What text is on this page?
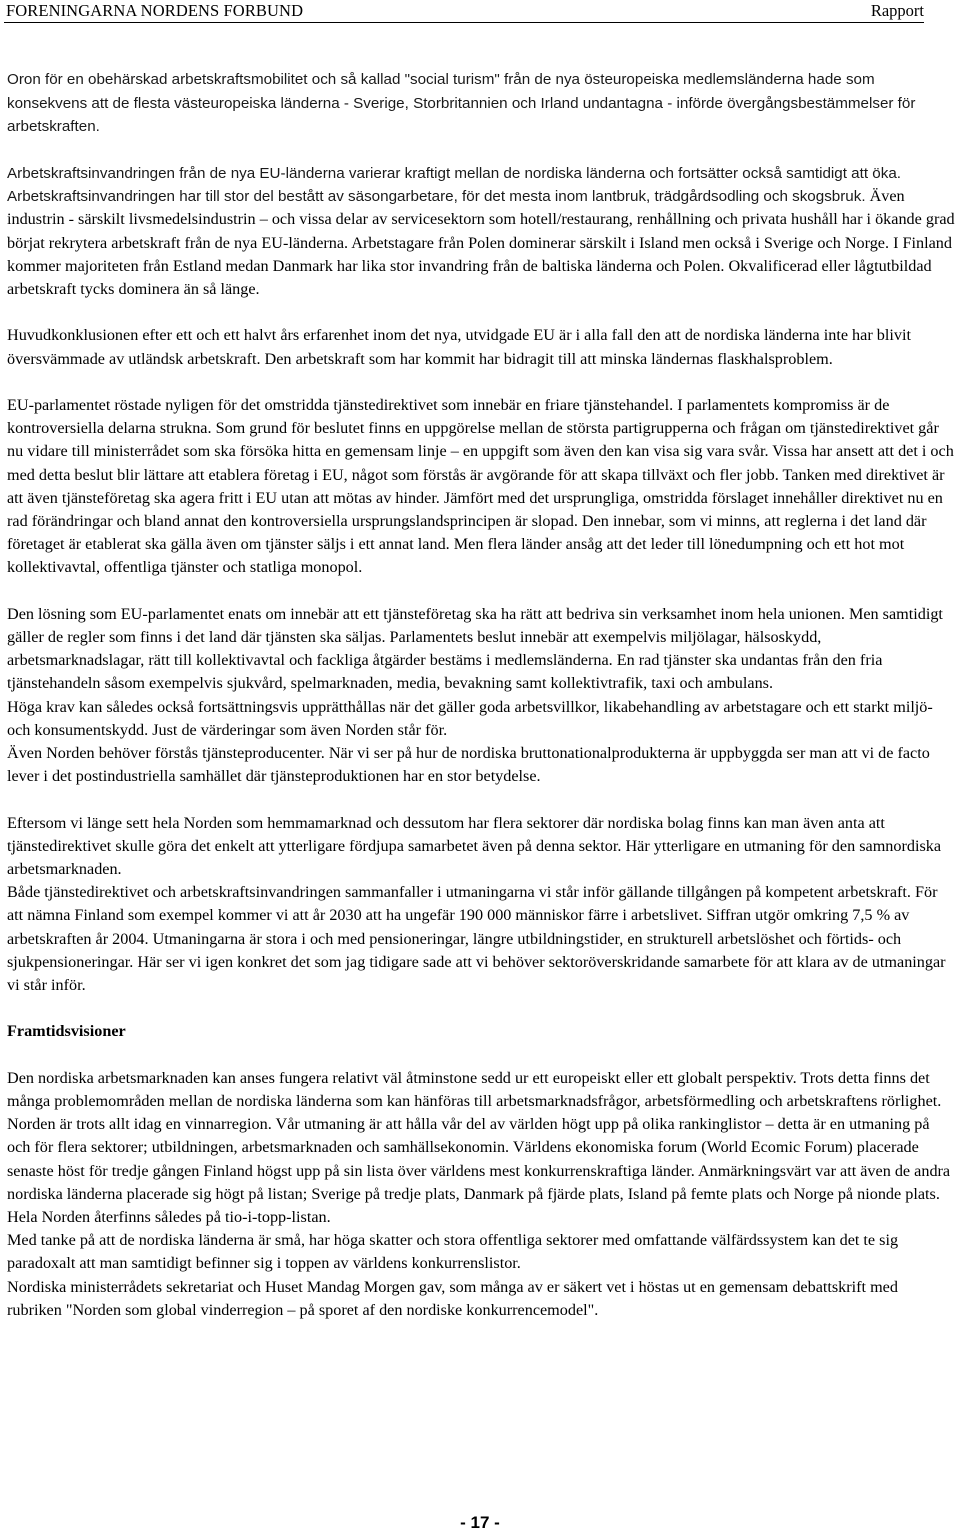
FORENINGARNA NORDENS FORBUND	Rapport

Oron för en obehärskad arbetskraftsmobilitet och så kallad "social turism" från de nya östeuropeiska medlemsländerna hade som konsekvens att de flesta västeuropeiska länderna - Sverige, Storbritannien och Irland undantagna - införde övergångsbestämmelser för arbetskraften.

Arbetskraftsinvandringen från de nya EU-länderna varierar kraftigt mellan de nordiska länderna och fortsätter också samtidigt att öka. Arbetskraftsinvandringen har till stor del bestått av säsongarbetare, för det mesta inom lantbruk, trädgårdsodling och skogsbruk. Även industrin - särskilt livsmedelsindustrin – och vissa delar av servicesektorn som hotell/restaurang, renhållning och privata hushåll har i ökande grad börjat rekrytera arbetskraft från de nya EU-länderna. Arbetstagare från Polen dominerar särskilt i Island men också i Sverige och Norge. I Finland kommer majoriteten från Estland medan Danmark har lika stor invandring från de baltiska länderna och Polen. Okvalificerad eller lågtutbildad arbetskraft tycks dominera än så länge.

Huvudkonklusionen efter ett och ett halvt års erfarenhet inom det nya, utvidgade EU är i alla fall den att de nordiska länderna inte har blivit översvämmade av utländsk arbetskraft. Den arbetskraft som har kommit har bidragit till att minska ländernas flaskhalsproblem.

EU-parlamentet röstade nyligen för det omstridda tjänstedirektivet som innebär en friare tjänstehandel. I parlamentets kompromiss är de kontroversiella delarna strukna. Som grund för beslutet finns en uppgörelse mellan de största partigrupperna och frågan om tjänstedirektivet går nu vidare till ministerrådet som ska försöka hitta en gemensam linje – en uppgift som även den kan visa sig vara svår. Vissa har ansett att det i och med detta beslut blir lättare att etablera företag i EU, något som förstås är avgörande för att skapa tillväxt och fler jobb. Tanken med direktivet är att även tjänsteföretag ska agera fritt i EU utan att mötas av hinder. Jämfört med det ursprungliga, omstridda förslaget innehåller direktivet nu en rad förändringar och bland annat den kontroversiella ursprungslandsprincipen är slopad. Den innebar, som vi minns, att reglerna i det land där företaget är etablerat ska gälla även om tjänster säljs i ett annat land. Men flera länder ansåg att det leder till lönedumpning och ett hot mot kollektivavtal, offentliga tjänster och statliga monopol.

Den lösning som EU-parlamentet enats om innebär att ett tjänsteföretag ska ha rätt att bedriva sin verksamhet inom hela unionen. Men samtidigt gäller de regler som finns i det land där tjänsten ska säljas. Parlamentets beslut innebär att exempelvis miljölagar, hälsoskydd, arbetsmarknadslagar, rätt till kollektivavtal och fackliga åtgärder bestäms i medlemsländerna. En rad tjänster ska undantas från den fria tjänstehandeln såsom exempelvis sjukvård, spelmarknaden, media, bevakning samt kollektivtrafik, taxi och ambulans.

Höga krav kan således också fortsättningsvis upprätthållas när det gäller goda arbetsvillkor, likabehandling av arbetstagare och ett starkt miljö- och konsumentskydd. Just de värderingar som även Norden står för.

Även Norden behöver förstås tjänsteproducenter. När vi ser på hur de nordiska bruttonationalprodukterna är uppbyggda ser man att vi de facto lever i det postindustriella samhället där tjänsteproduktionen har en stor betydelse.

Eftersom vi länge sett hela Norden som hemmamarknad och dessutom har flera sektorer där nordiska bolag finns kan man även anta att tjänstedirektivet skulle göra det enkelt att ytterligare fördjupa samarbetet även på denna sektor. Här ytterligare en utmaning för den samnordiska arbetsmarknaden.

Både tjänstedirektivet och arbetskraftsinvandringen sammanfaller i utmaningarna vi står inför gällande tillgången på kompetent arbetskraft. För att nämna Finland som exempel kommer vi att år 2030 att ha ungefär 190 000 människor färre i arbetslivet. Siffran utgör omkring 7,5 % av arbetskraften år 2004. Utmaningarna är stora i och med pensioneringar, längre utbildningstider, en strukturell arbetslöshet och förtids- och sjukpensioneringar. Här ser vi igen konkret det som jag tidigare sade att vi behöver sektoröverskridande samarbete för att klara av de utmaningar vi står inför.

Framtidsvisioner

Den nordiska arbetsmarknaden kan anses fungera relativt väl åtminstone sedd ur ett europeiskt eller ett globalt perspektiv. Trots detta finns det många problemområden mellan de nordiska länderna som kan hänföras till arbetsmarknadsfrågor, arbetsförmedling och arbetskraftens rörlighet.

Norden är trots allt idag en vinnarregion. Vår utmaning är att hålla vår del av världen högt upp på olika rankinglistor – detta är en utmaning på och för flera sektorer; utbildningen, arbetsmarknaden och samhällsekonomin. Världens ekonomiska forum (World Ecomic Forum) placerade senaste höst för tredje gången Finland högst upp på sin lista över världens mest konkurrenskraftiga länder. Anmärkningsvärt var att även de andra nordiska länderna placerade sig högt på listan; Sverige på tredje plats, Danmark på fjärde plats, Island på femte plats och Norge på nionde plats. Hela Norden återfinns således på tio-i-topp-listan.

Med tanke på att de nordiska länderna är små, har höga skatter och stora offentliga sektorer med omfattande välfärdssystem kan det te sig paradoxalt att man samtidigt befinner sig i toppen av världens konkurrenslistor.

Nordiska ministerrådets sekretariat och Huset Mandag Morgen gav, som många av er säkert vet i höstas ut en gemensam debattskrift med rubriken "Norden som global vinderregion – på sporet af den nordiske konkurrencemodel".

- 17 -
